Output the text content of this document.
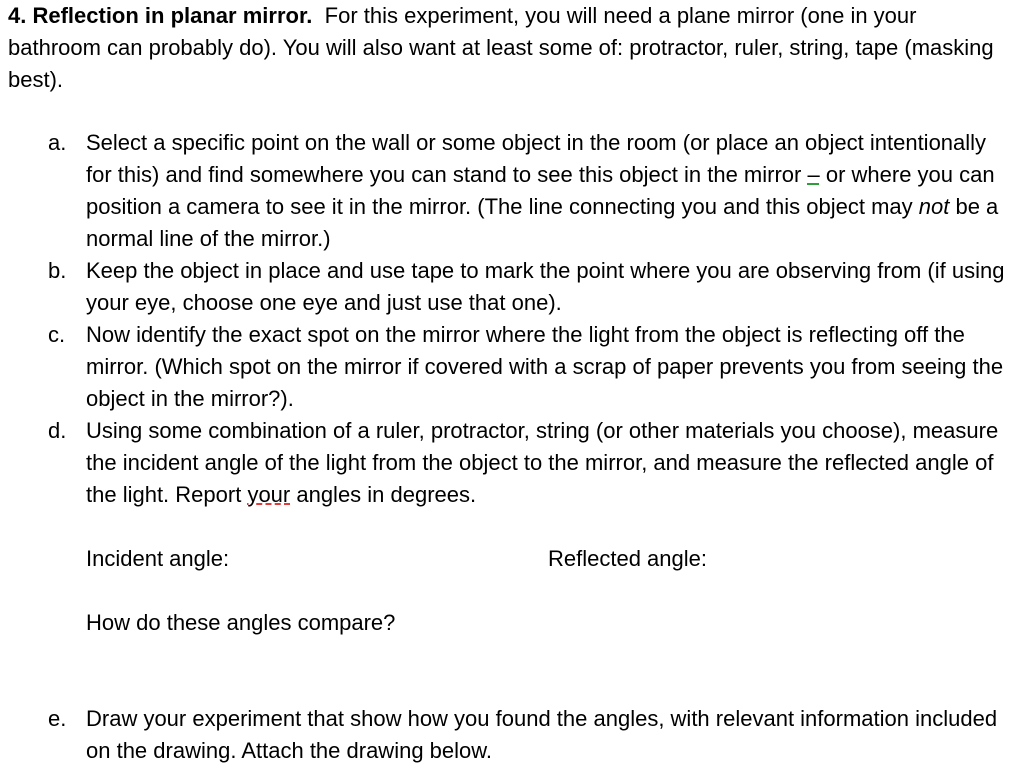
4. Reflection in planar mirror. For this experiment, you will need a plane mirror (one in your bathroom can probably do). You will also want at least some of: protractor, ruler, string, tape (masking best).

a. Select a specific point on the wall or some object in the room (or place an object intentionally for this) and find somewhere you can stand to see this object in the mirror – or where you can position a camera to see it in the mirror. (The line connecting you and this object may not be a normal line of the mirror.)
b. Keep the object in place and use tape to mark the point where you are observing from (if using your eye, choose one eye and just use that one).
c. Now identify the exact spot on the mirror where the light from the object is reflecting off the mirror. (Which spot on the mirror if covered with a scrap of paper prevents you from seeing the object in the mirror?).
d. Using some combination of a ruler, protractor, string (or other materials you choose), measure the incident angle of the light from the object to the mirror, and measure the reflected angle of the light. Report your angles in degrees.
e. Draw your experiment that show how you found the angles, with relevant information included on the drawing. Attach the drawing below.
Incident angle:	Reflected angle:
How do these angles compare?
